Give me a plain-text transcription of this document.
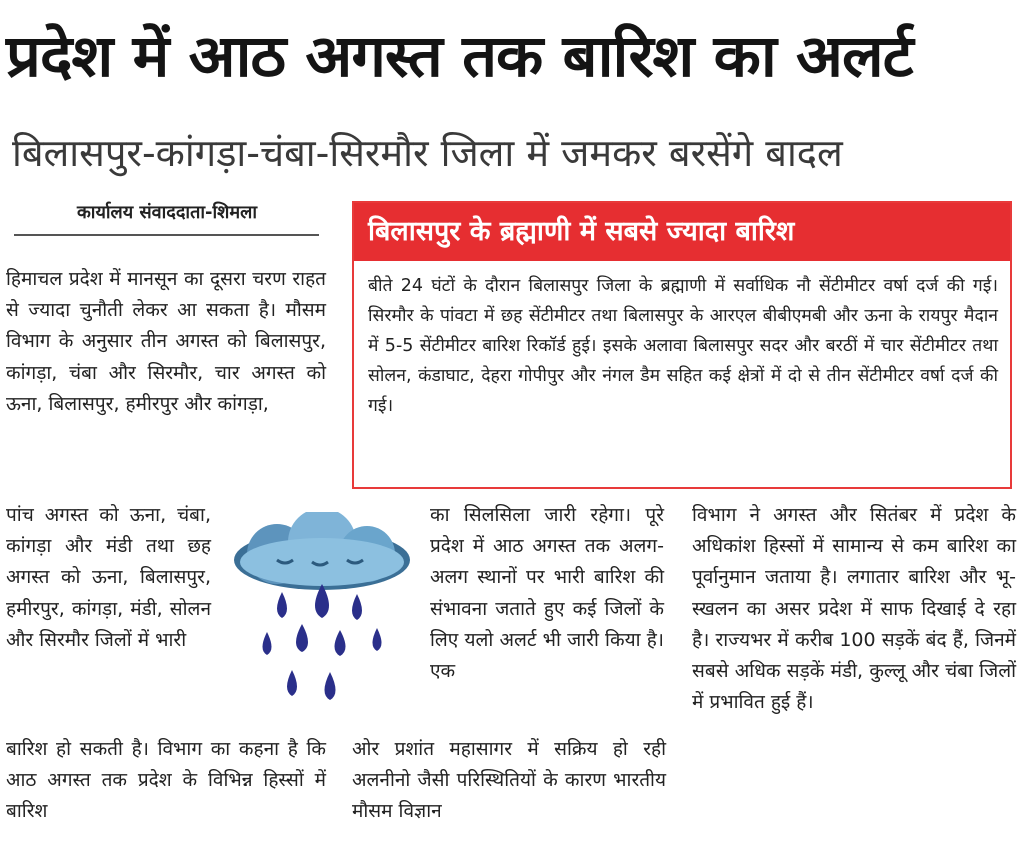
प्रदेश में आठ अगस्त तक बारिश का अलर्ट
बिलासपुर-कांगड़ा-चंबा-सिरमौर जिला में जमकर बरसेंगे बादल
कार्यालय संवाददाता-शिमला
बिलासपुर के ब्रह्माणी में सबसे ज्यादा बारिश
बीते 24 घंटों के दौरान बिलासपुर जिला के ब्रह्माणी में सर्वाधिक नौ सेंटीमीटर वर्षा दर्ज की गई। सिरमौर के पांवटा में छह सेंटीमीटर तथा बिलासपुर के आरएल बीबीएमबी और ऊना के रायपुर मैदान में 5-5 सेंटीमीटर बारिश रिकॉर्ड हुई। इसके अलावा बिलासपुर सदर और बरठीं में चार सेंटीमीटर तथा सोलन, कंडाघाट, देहरा गोपीपुर और नंगल डैम सहित कई क्षेत्रों में दो से तीन सेंटीमीटर वर्षा दर्ज की गई।
हिमाचल प्रदेश में मानसून का दूसरा चरण राहत से ज्यादा चुनौती लेकर आ सकता है। मौसम विभाग के अनुसार तीन अगस्त को बिलासपुर, कांगड़ा, चंबा और सिरमौर, चार अगस्त को ऊना, बिलासपुर, हमीरपुर और कांगड़ा,
पांच अगस्त को ऊना, चंबा, कांगड़ा और मंडी तथा छह अगस्त को ऊना, बिलासपुर, हमीरपुर, कांगड़ा, मंडी, सोलन और सिरमौर जिलों में भारी
बारिश हो सकती है। विभाग का कहना है कि आठ अगस्त तक प्रदेश के विभिन्न हिस्सों में बारिश
का सिलसिला जारी रहेगा। पूरे प्रदेश में आठ अगस्त तक अलग-अलग स्थानों पर भारी बारिश की संभावना जताते हुए कई जिलों के लिए यलो अलर्ट भी जारी किया है। एक
ओर प्रशांत महासागर में सक्रिय हो रही अलनीनो जैसी परिस्थितियों के कारण भारतीय मौसम विज्ञान
विभाग ने अगस्त और सितंबर में प्रदेश के अधिकांश हिस्सों में सामान्य से कम बारिश का पूर्वानुमान जताया है। लगातार बारिश और भू-स्खलन का असर प्रदेश में साफ दिखाई दे रहा है। राज्यभर में करीब 100 सड़कें बंद हैं, जिनमें सबसे अधिक सड़कें मंडी, कुल्लू और चंबा जिलों में प्रभावित हुई हैं।
